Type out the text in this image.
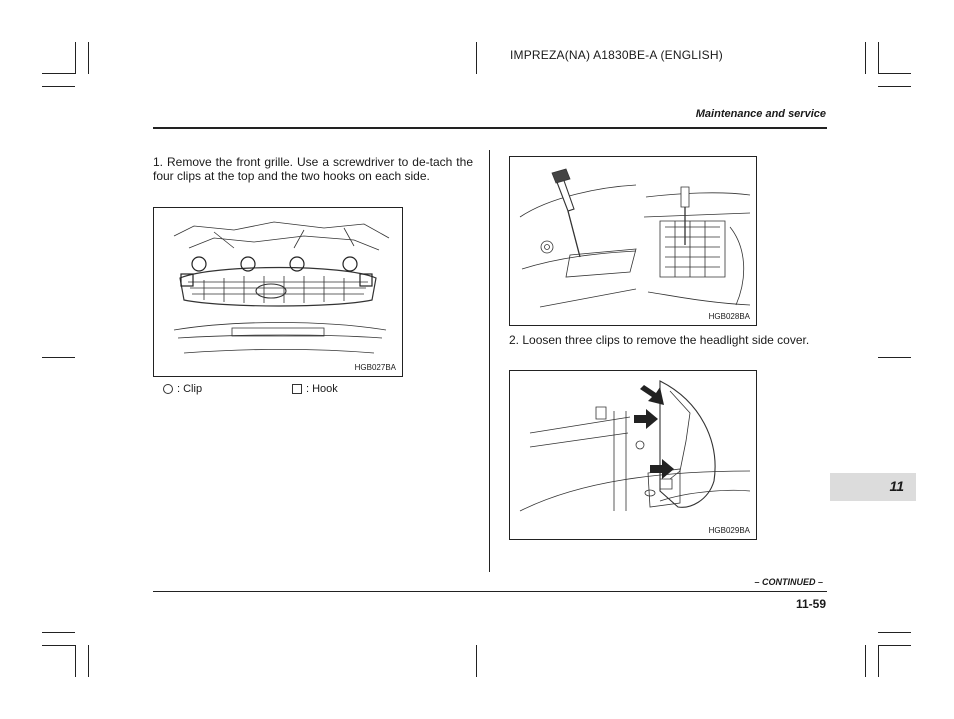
IMPREZA(NA) A1830BE-A (ENGLISH)
Maintenance and service
1. Remove the front grille. Use a screwdriver to de-tach the four clips at the top and the two hooks on each side.
HGB027BA
: Clip	: Hook
HGB028BA
2. Loosen three clips to remove the headlight side cover.
HGB029BA
11
– CONTINUED –
11-59
